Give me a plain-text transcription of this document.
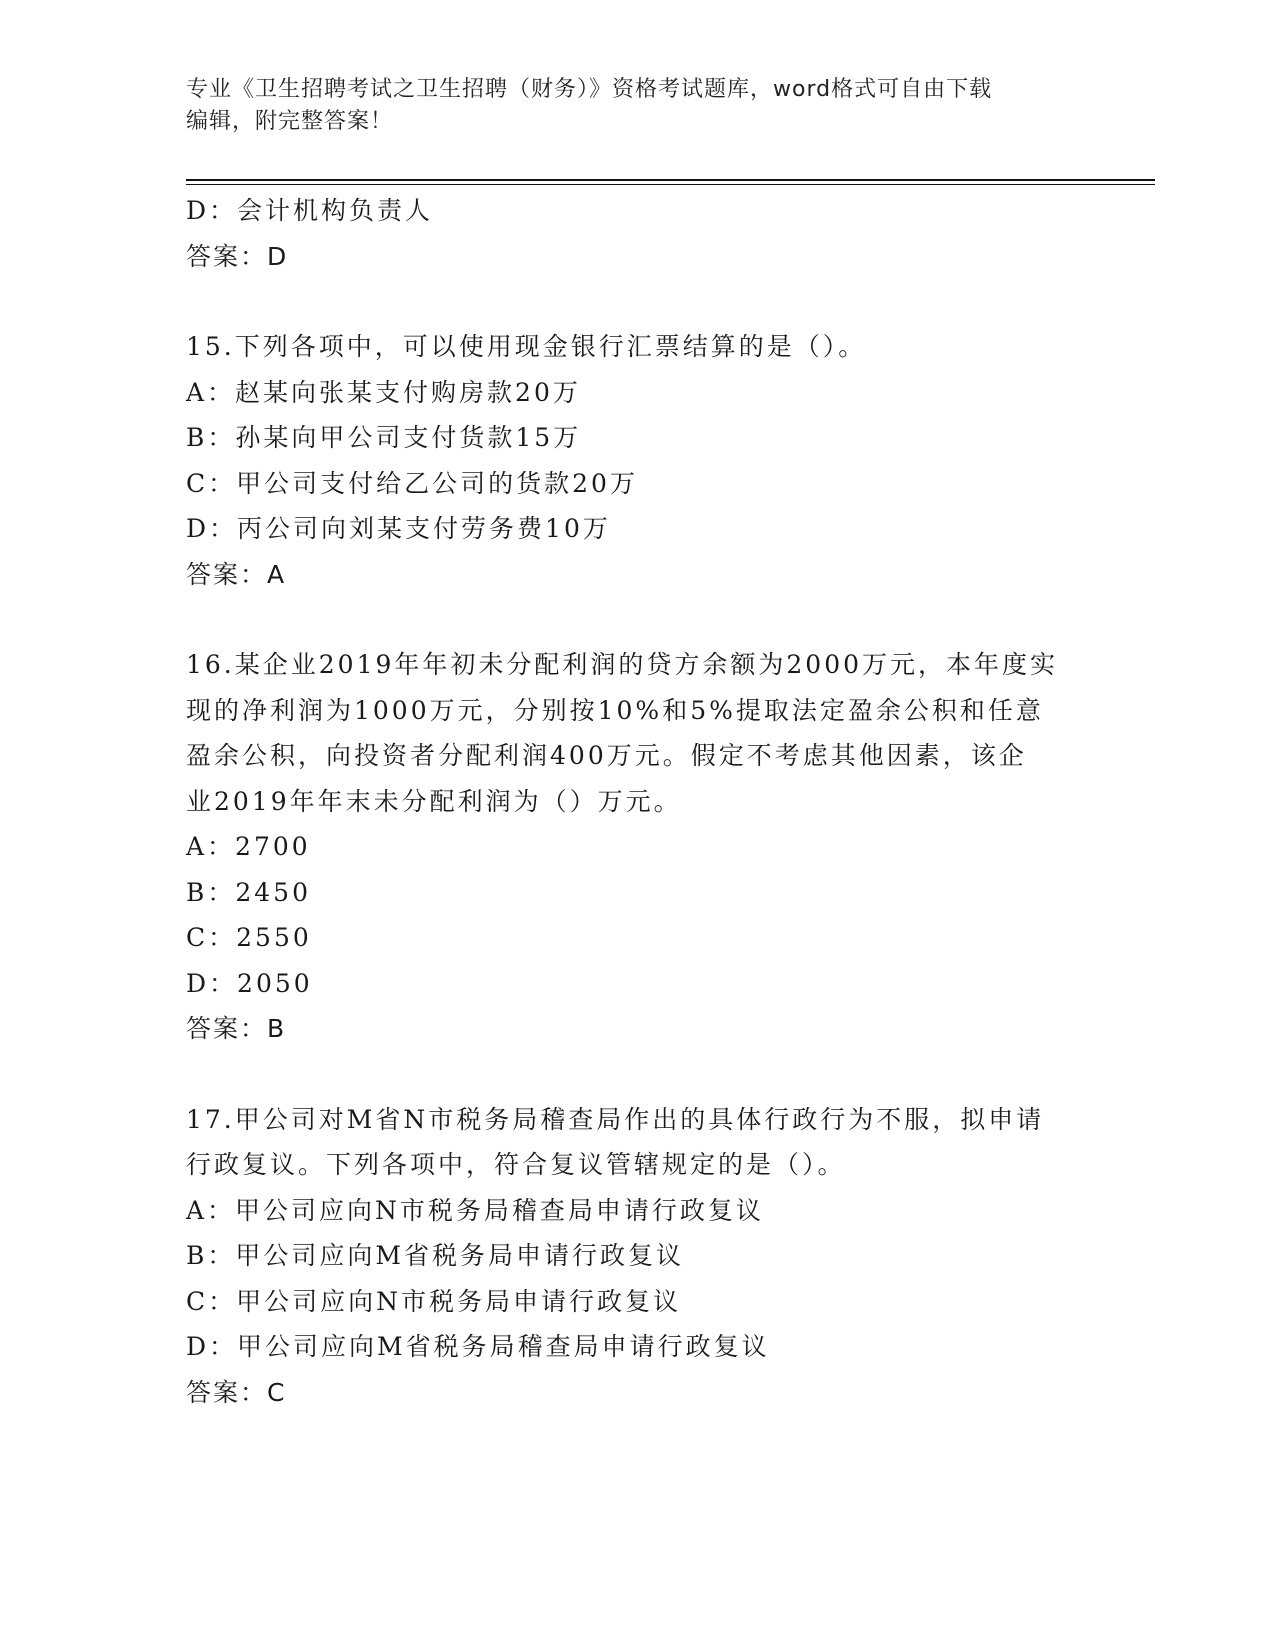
专业《卫生招聘考试之卫生招聘（财务）》资格考试题库，word格式可自由下载
编辑，附完整答案！
D：会计机构负责人
答案：D
15.下列各项中，可以使用现金银行汇票结算的是（）。
A：赵某向张某支付购房款20万
B：孙某向甲公司支付货款15万
C：甲公司支付给乙公司的货款20万
D：丙公司向刘某支付劳务费10万
答案：A
16.某企业2019年年初未分配利润的贷方余额为2000万元，本年度实
现的净利润为1000万元，分别按10%和5%提取法定盈余公积和任意
盈余公积，向投资者分配利润400万元。假定不考虑其他因素，该企
业2019年年末未分配利润为（）万元。
A：2700
B：2450
C：2550
D：2050
答案：B
17.甲公司对M省N市税务局稽查局作出的具体行政行为不服，拟申请
行政复议。下列各项中，符合复议管辖规定的是（）。
A：甲公司应向N市税务局稽查局申请行政复议
B：甲公司应向M省税务局申请行政复议
C：甲公司应向N市税务局申请行政复议
D：甲公司应向M省税务局稽查局申请行政复议
答案：C
